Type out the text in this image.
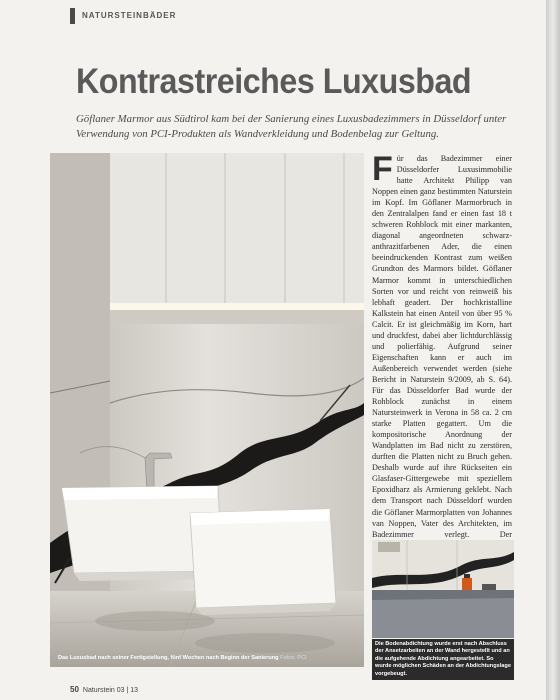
NATURSTEINBÄDER
Kontrastreiches Luxusbad
Göflaner Marmor aus Südtirol kam bei der Sanierung eines Luxusbadezimmers in Düsseldorf unter Verwendung von PCI-Produkten als Wandverkleidung und Bodenbelag zur Geltung.
Das Luxusbad nach seiner Fertigstellung, fünf Wochen nach Beginn der Sanierung Fotos: PCI
Für das Badezimmer einer Düsseldorfer Luxusimmobilie hatte Architekt Philipp van Noppen einen ganz bestimmten Naturstein im Kopf. Im Göflaner Marmorbruch in den Zentralalpen fand er einen fast 18 t schweren Rohblock mit einer markanten, diagonal angeordneten schwarz-anthrazitfarbenen Ader, die einen beeindruckenden Kontrast zum weißen Grundton des Marmors bildet. Göflaner Marmor kommt in unterschiedlichen Sorten vor und reicht von reinweiß bis lebhaft geadert. Der hochkristalline Kalkstein hat einen Anteil von über 95 % Calcit. Er ist gleichmäßig im Korn, hart und druckfest, dabei aber lichtdurchlässig und polierfähig. Aufgrund seiner Eigenschaften kann er auch im Außenbereich verwendet werden (siehe Bericht in Naturstein 9/2009, ab S. 64). Für das Düsseldorfer Bad wurde der Rohblock zunächst in einem Natursteinwerk in Verona in 58 ca. 2 cm starke Platten gegattert. Um die kompositorische Anordnung der Wandplatten im Bad nicht zu zerstören, durften die Platten nicht zu Bruch gehen. Deshalb wurde auf ihre Rückseiten ein Glasfaser-Gittergewebe mit speziellem Epoxidharz als Armierung geklebt. Nach dem Transport nach Düsseldorf wurden die Göflaner Marmorplatten von Johannes van Noppen, Vater des Architekten, im Badezimmer verlegt. Der
Die Bodenabdichtung wurde erst nach Abschluss der Ansetzarbeiten an der Wand hergestellt und an die aufgehende Abdichtung angearbeitet. So wurde möglichen Schäden an der Abdichtungslage vorgebeugt.
50 Naturstein 03 | 13
